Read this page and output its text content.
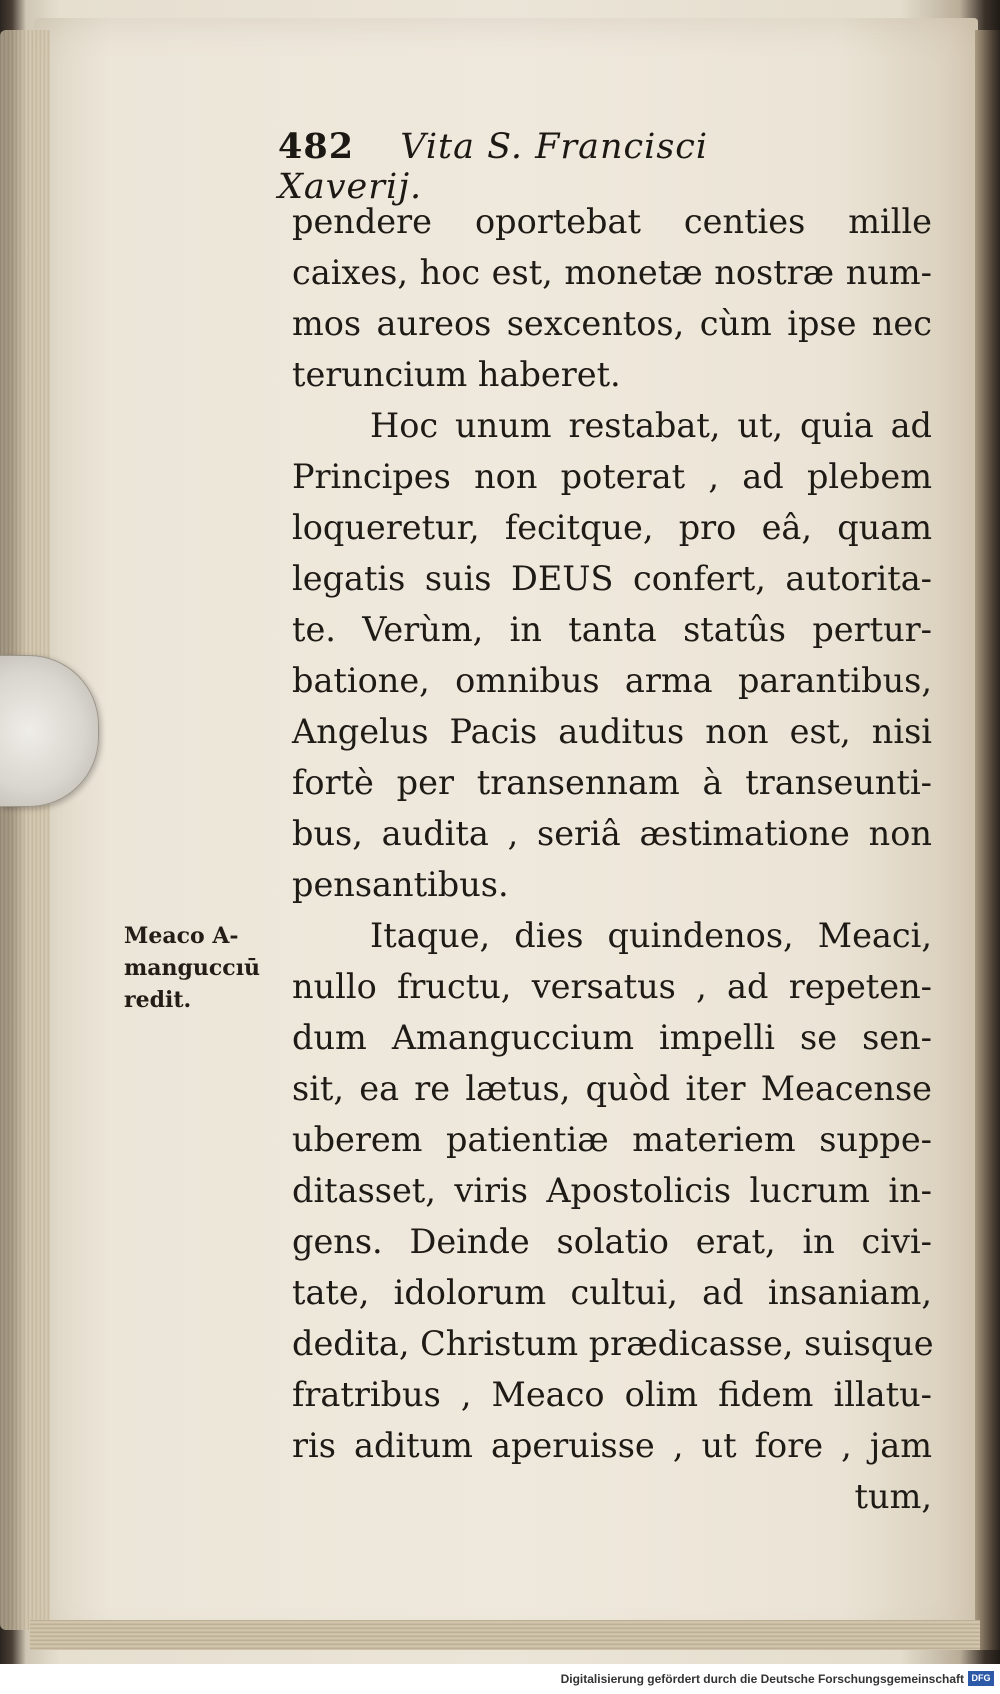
482 Vita S. Francisci Xaverij.
pendere oportebat centies mille
caixes, hoc est, monetæ nostræ num-
mos aureos sexcentos, cùm ipse nec
teruncium haberet.
Hoc unum restabat, ut, quia ad
Principes non poterat , ad plebem
loqueretur, fecitque, pro eâ, quam
legatis suis DEUS confert, autorita-
te. Verùm, in tanta statûs pertur-
batione, omnibus arma parantibus,
Angelus Pacis auditus non est, nisi
fortè per transennam à transeunti-
bus, audita , seriâ æstimatione non
pensantibus.
Itaque, dies quindenos, Meaci,
nullo fructu, versatus , ad repeten-
dum Amanguccium impelli se sen-
sit, ea re lætus, quòd iter Meacense
uberem patientiæ materiem suppe-
ditasset, viris Apostolicis lucrum in-
gens. Deinde solatio erat, in civi-
tate, idolorum cultui, ad insaniam,
dedita, Christum prædicasse, suisque
fratribus , Meaco olim fidem illatu-
ris aditum aperuisse , ut fore , jam
tum,
Meaco A-
manguccıū
redit.
Digitalisierung gefördert durch die Deutsche Forschungsgemeinschaft DFG
